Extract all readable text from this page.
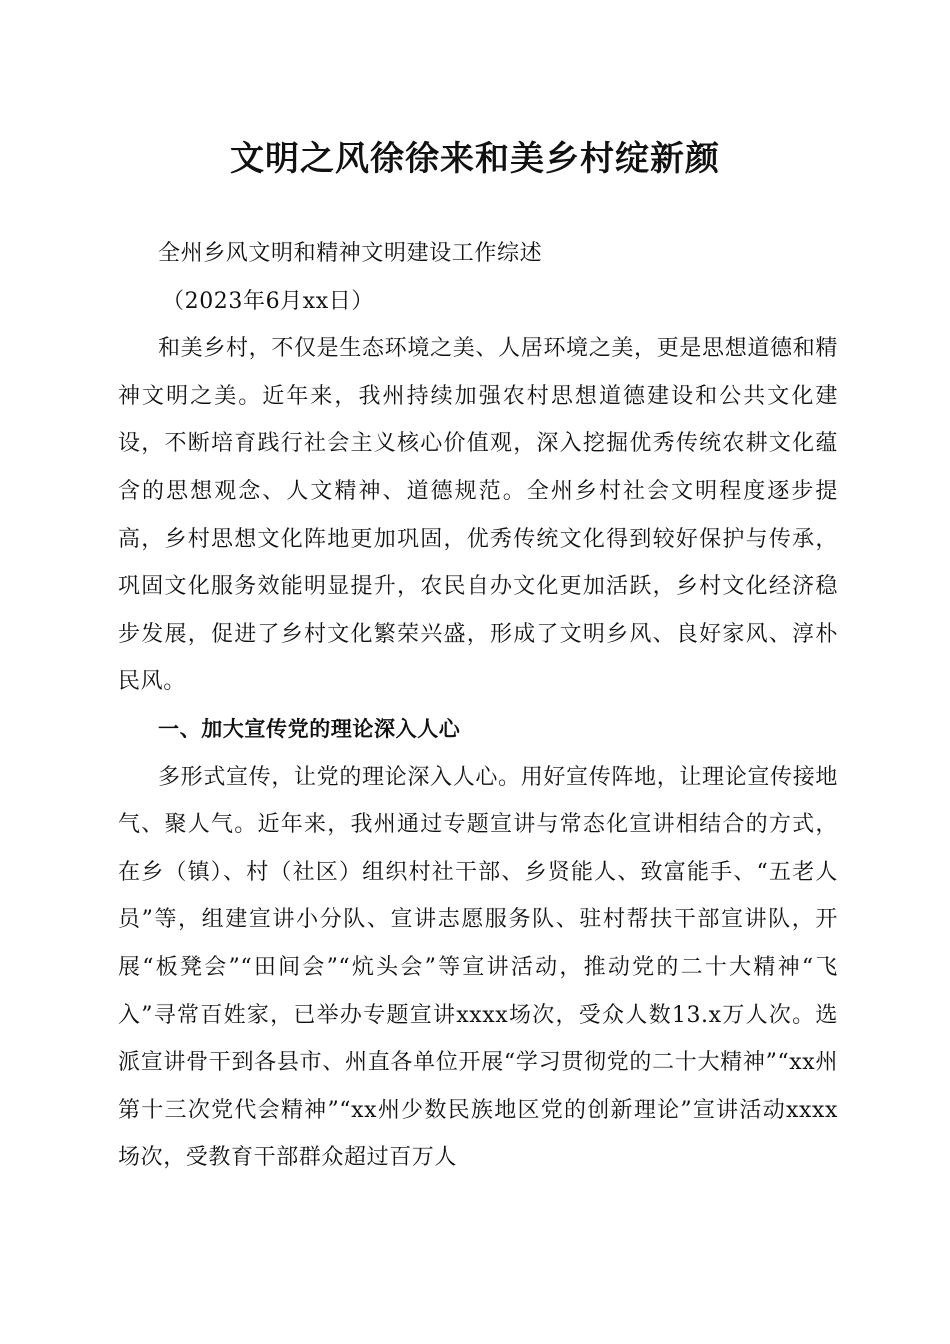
文明之风徐徐来和美乡村绽新颜

全州乡风文明和精神文明建设工作综述

（2023年6月xx日）

和美乡村，不仅是生态环境之美、人居环境之美，更是思想道德和精神文明之美。近年来，我州持续加强农村思想道德建设和公共文化建设，不断培育践行社会主义核心价值观，深入挖掘优秀传统农耕文化蕴含的思想观念、人文精神、道德规范。全州乡村社会文明程度逐步提高，乡村思想文化阵地更加巩固，优秀传统文化得到较好保护与传承，巩固文化服务效能明显提升，农民自办文化更加活跃，乡村文化经济稳步发展，促进了乡村文化繁荣兴盛，形成了文明乡风、良好家风、淳朴民风。

一、加大宣传党的理论深入人心

多形式宣传，让党的理论深入人心。用好宣传阵地，让理论宣传接地气、聚人气。近年来，我州通过专题宣讲与常态化宣讲相结合的方式，在乡（镇）、村（社区）组织村社干部、乡贤能人、致富能手、“五老人员”等，组建宣讲小分队、宣讲志愿服务队、驻村帮扶干部宣讲队，开展“板凳会”“田间会”“炕头会”等宣讲活动，推动党的二十大精神“飞入”寻常百姓家，已举办专题宣讲xxxx场次，受众人数13.x万人次。选派宣讲骨干到各县市、州直各单位开展“学习贯彻党的二十大精神”“xx州第十三次党代会精神”“xx州少数民族地区党的创新理论”宣讲活动xxxx场次，受教育干部群众超过百万人
